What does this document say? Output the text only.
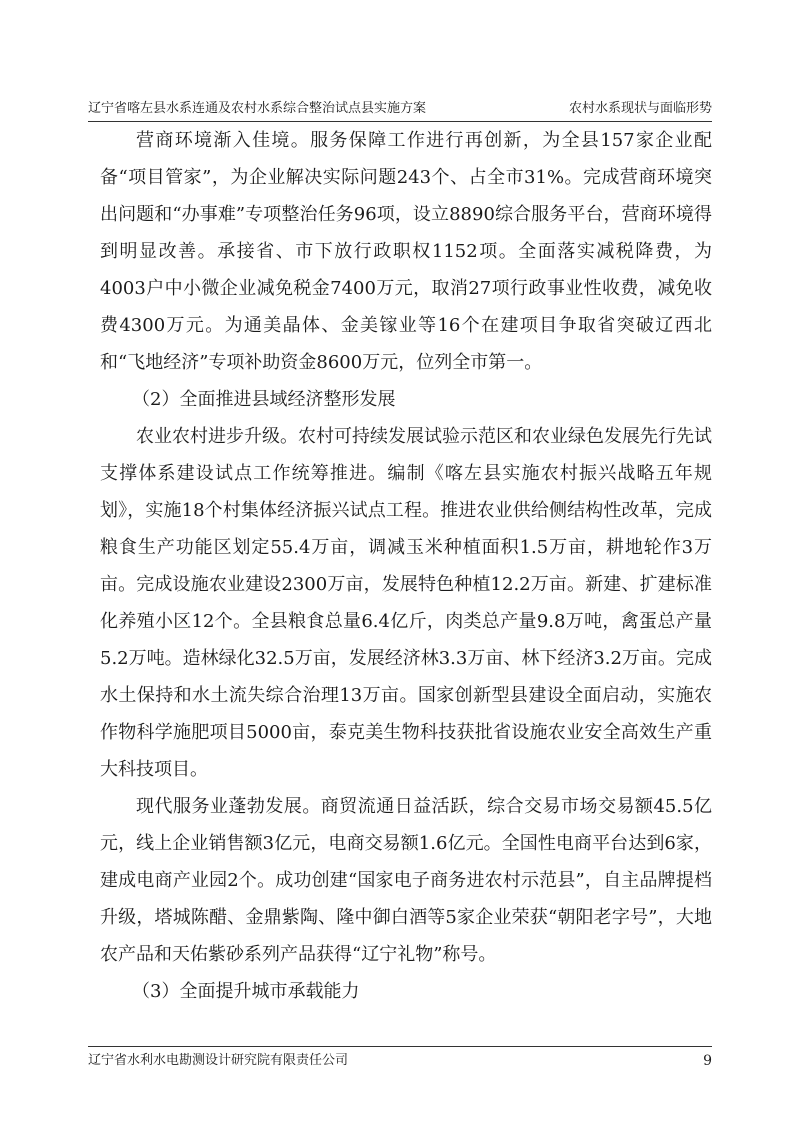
辽宁省喀左县水系连通及农村水系综合整治试点县实施方案	农村水系现状与面临形势

营商环境渐入佳境。服务保障工作进行再创新，为全县157家企业配备“项目管家”，为企业解决实际问题243个、占全市31%。完成营商环境突出问题和“办事难”专项整治任务96项，设立8890综合服务平台，营商环境得到明显改善。承接省、市下放行政职权1152项。全面落实减税降费，为4003户中小微企业减免税金7400万元，取消27项行政事业性收费，减免收费4300万元。为通美晶体、金美镓业等16个在建项目争取省突破辽西北和“飞地经济”专项补助资金8600万元，位列全市第一。

（2）全面推进县域经济整形发展

农业农村进步升级。农村可持续发展试验示范区和农业绿色发展先行先试支撑体系建设试点工作统筹推进。编制《喀左县实施农村振兴战略五年规划》，实施18个村集体经济振兴试点工程。推进农业供给侧结构性改革，完成粮食生产功能区划定55.4万亩，调减玉米种植面积1.5万亩，耕地轮作3万亩。完成设施农业建设2300万亩，发展特色种植12.2万亩。新建、扩建标准化养殖小区12个。全县粮食总量6.4亿斤，肉类总产量9.8万吨，禽蛋总产量5.2万吨。造林绿化32.5万亩，发展经济林3.3万亩、林下经济3.2万亩。完成水土保持和水土流失综合治理13万亩。国家创新型县建设全面启动，实施农作物科学施肥项目5000亩，泰克美生物科技获批省设施农业安全高效生产重大科技项目。

现代服务业蓬勃发展。商贸流通日益活跃，综合交易市场交易额45.5亿元，线上企业销售额3亿元，电商交易额1.6亿元。全国性电商平台达到6家，建成电商产业园2个。成功创建“国家电子商务进农村示范县”，自主品牌提档升级，塔城陈醋、金鼎紫陶、隆中御白酒等5家企业荣获“朝阳老字号”，大地农产品和天佑紫砂系列产品获得“辽宁礼物”称号。

（3）全面提升城市承载能力

辽宁省水利水电勘测设计研究院有限责任公司	9
